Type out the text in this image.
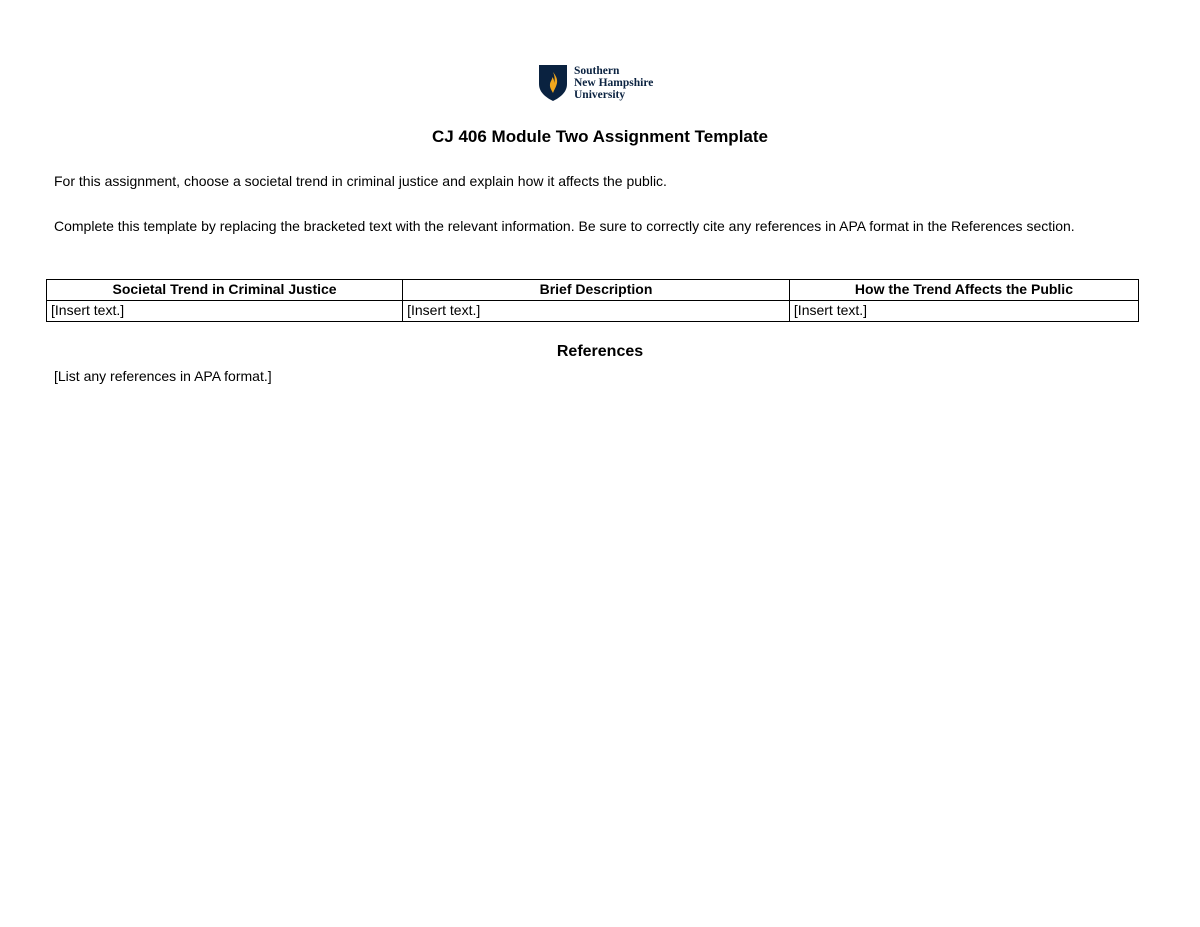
Southern
New Hampshire
University
CJ 406 Module Two Assignment Template

For this assignment, choose a societal trend in criminal justice and explain how it affects the public.

Complete this template by replacing the bracketed text with the relevant information. Be sure to correctly cite any references in APA format in the References section.

Societal Trend in Criminal Justice	Brief Description	How the Trend Affects the Public
[Insert text.]	[Insert text.]	[Insert text.]
References

[List any references in APA format.]
